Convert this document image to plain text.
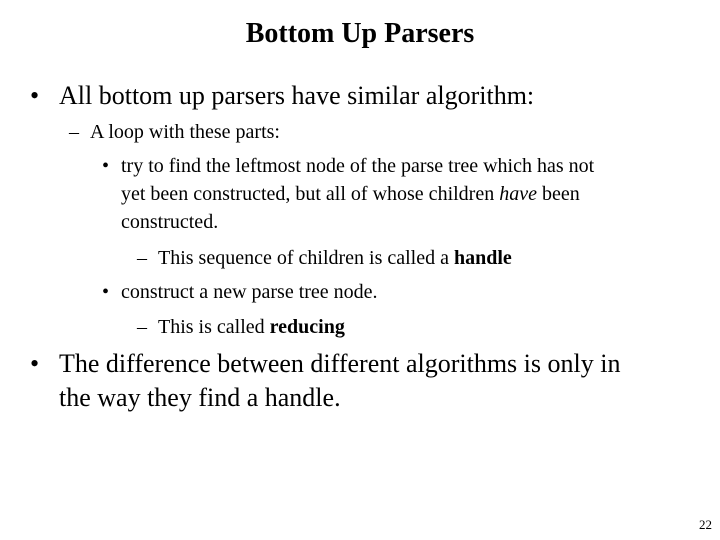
Bottom Up Parsers
• All bottom up parsers have similar algorithm:
– A loop with these parts:
• try to find the leftmost node of the parse tree which has not
yet been constructed, but all of whose children have been
constructed.
– This sequence of children is called a handle
• construct a new parse tree node.
– This is called reducing
• The difference between different algorithms is only in
the way they find a handle.
22
